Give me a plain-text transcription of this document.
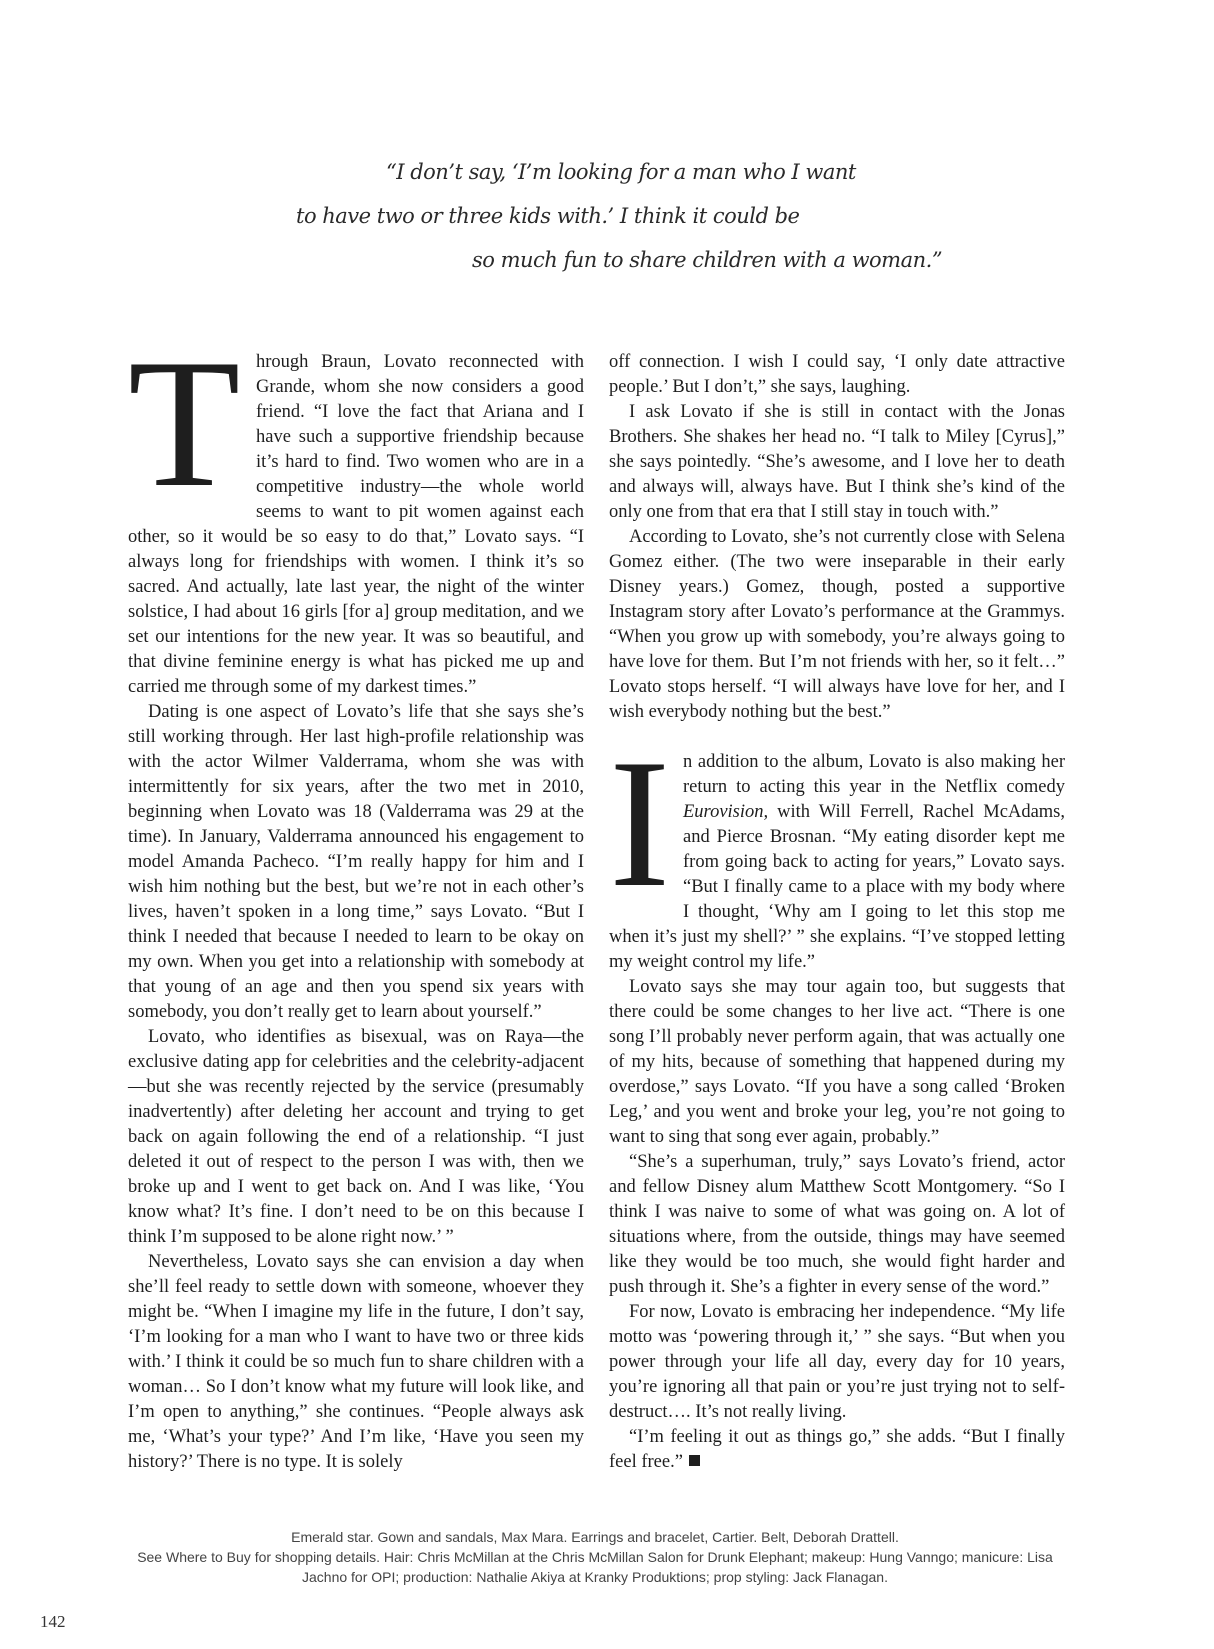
“I don’t say, ‘I’m looking for a man who I want
to have two or three kids with.’ I think it could be
so much fun to share children with a woman.”

Through Braun, Lovato reconnected with Grande, whom she now considers a good friend. “I love the fact that Ariana and I have such a supportive friendship because it’s hard to find. Two women who are in a competitive industry—the whole world seems to want to pit women against each other, so it would be so easy to do that,” Lovato says. “I always long for friendships with women. I think it’s so sacred. And actually, late last year, the night of the winter solstice, I had about 16 girls [for a] group meditation, and we set our intentions for the new year. It was so beautiful, and that divine feminine energy is what has picked me up and carried me through some of my darkest times.”

Dating is one aspect of Lovato’s life that she says she’s still working through. Her last high-profile relationship was with the actor Wilmer Valderrama, whom she was with intermittently for six years, after the two met in 2010, beginning when Lovato was 18 (Valderrama was 29 at the time). In January, Valderrama announced his engagement to model Amanda Pacheco. “I’m really happy for him and I wish him nothing but the best, but we’re not in each other’s lives, haven’t spoken in a long time,” says Lovato. “But I think I needed that because I needed to learn to be okay on my own. When you get into a relationship with somebody at that young of an age and then you spend six years with somebody, you don’t really get to learn about yourself.”

Lovato, who identifies as bisexual, was on Raya—the exclusive dating app for celebrities and the celebrity-adjacent—but she was recently rejected by the service (presumably inadvertently) after deleting her account and trying to get back on again following the end of a relationship. “I just deleted it out of respect to the person I was with, then we broke up and I went to get back on. And I was like, ‘You know what? It’s fine. I don’t need to be on this because I think I’m supposed to be alone right now.’ ”

Nevertheless, Lovato says she can envision a day when she’ll feel ready to settle down with someone, whoever they might be. “When I imagine my life in the future, I don’t say, ‘I’m looking for a man who I want to have two or three kids with.’ I think it could be so much fun to share children with a woman… So I don’t know what my future will look like, and I’m open to anything,” she continues. “People always ask me, ‘What’s your type?’ And I’m like, ‘Have you seen my history?’ There is no type. It is solely

off connection. I wish I could say, ‘I only date attractive people.’ But I don’t,” she says, laughing.

I ask Lovato if she is still in contact with the Jonas Brothers. She shakes her head no. “I talk to Miley [Cyrus],” she says pointedly. “She’s awesome, and I love her to death and always will, always have. But I think she’s kind of the only one from that era that I still stay in touch with.”

According to Lovato, she’s not currently close with Selena Gomez either. (The two were inseparable in their early Disney years.) Gomez, though, posted a supportive Instagram story after Lovato’s performance at the Grammys. “When you grow up with somebody, you’re always going to have love for them. But I’m not friends with her, so it felt…” Lovato stops herself. “I will always have love for her, and I wish everybody nothing but the best.”

In addition to the album, Lovato is also making her return to acting this year in the Netflix comedy Eurovision, with Will Ferrell, Rachel McAdams, and Pierce Brosnan. “My eating disorder kept me from going back to acting for years,” Lovato says. “But I finally came to a place with my body where I thought, ‘Why am I going to let this stop me when it’s just my shell?’ ” she explains. “I’ve stopped letting my weight control my life.”

Lovato says she may tour again too, but suggests that there could be some changes to her live act. “There is one song I’ll probably never perform again, that was actually one of my hits, because of something that happened during my overdose,” says Lovato. “If you have a song called ‘Broken Leg,’ and you went and broke your leg, you’re not going to want to sing that song ever again, probably.”

“She’s a superhuman, truly,” says Lovato’s friend, actor and fellow Disney alum Matthew Scott Montgomery. “So I think I was naive to some of what was going on. A lot of situations where, from the outside, things may have seemed like they would be too much, she would fight harder and push through it. She’s a fighter in every sense of the word.”

For now, Lovato is embracing her independence. “My life motto was ‘powering through it,’ ” she says. “But when you power through your life all day, every day for 10 years, you’re ignoring all that pain or you’re just trying not to self-destruct…. It’s not really living.

“I’m feeling it out as things go,” she adds. “But I finally feel free.”

Emerald star. Gown and sandals, Max Mara. Earrings and bracelet, Cartier. Belt, Deborah Drattell.
See Where to Buy for shopping details. Hair: Chris McMillan at the Chris McMillan Salon for Drunk Elephant; makeup: Hung Vanngo; manicure: Lisa Jachno for OPI; production: Nathalie Akiya at Kranky Produktions; prop styling: Jack Flanagan.
142
